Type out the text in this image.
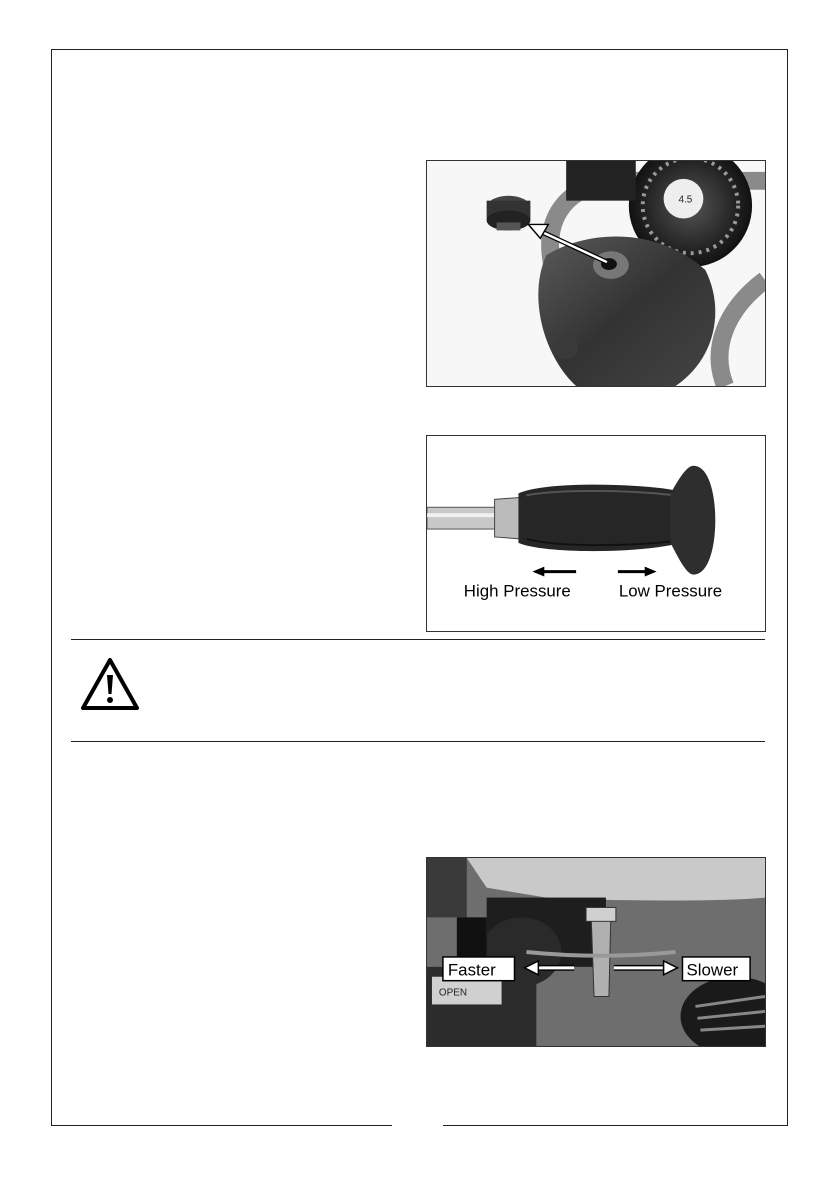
4.5
High Pressure	Low Pressure
OPEN
Faster	Slower
